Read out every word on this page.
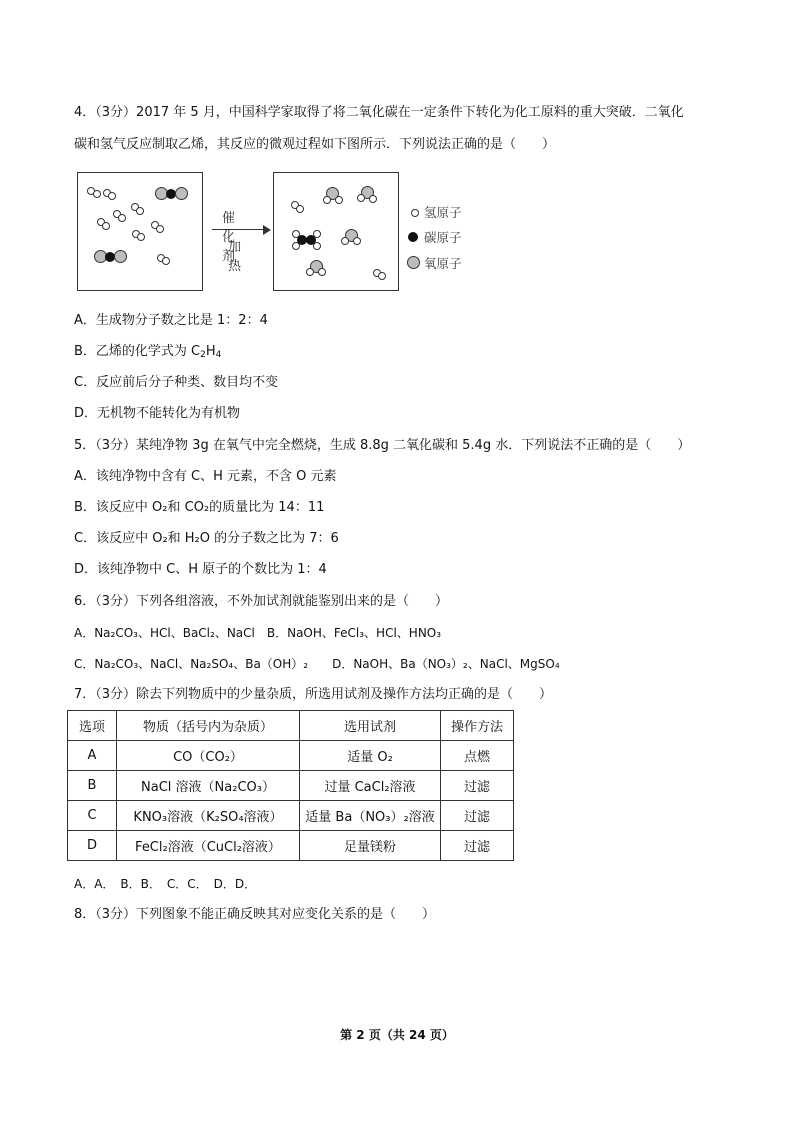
4．（3分）2017 年 5 月，中国科学家取得了将二氧化碳在一定条件下转化为化工原料的重大突破．二氧化
碳和氢气反应制取乙烯，其反应的微观过程如下图所示．下列说法正确的是（　　）
催化剂
加热
氢原子
碳原子
氧原子
A．生成物分子数之比是 1：2：4
B．乙烯的化学式为 $C_2H_4$
C．反应前后分子种类、数目均不变
D．无机物不能转化为有机物
5．（3分）某纯净物 3g 在氧气中完全燃烧，生成 8.8g 二氧化碳和 5.4g 水．下列说法不正确的是（　　）
A．该纯净物中含有 C、H 元素，不含 O 元素
B．该反应中 O₂和 CO₂的质量比为 14：11
C．该反应中 O₂和 H₂O 的分子数之比为 7：6
D．该纯净物中 C、H 原子的个数比为 1：4
6．（3分）下列各组溶液，不外加试剂就能鉴别出来的是（　　）
A．Na₂CO₃、HCl、BaCl₂、NaCl　B．NaOH、FeCl₃、HCl、HNO₃
C．Na₂CO₃、NaCl、Na₂SO₄、Ba（OH）₂　　D．NaOH、Ba（NO₃）₂、NaCl、MgSO₄
7．（3分）除去下列物质中的少量杂质，所选用试剂及操作方法均正确的是（　　）
选项	物质（括号内为杂质）	选用试剂	操作方法
A	CO（CO₂）	适量 O₂	点燃
B	NaCl 溶液（Na₂CO₃）	过量 CaCl₂溶液	过滤
C	KNO₃溶液（K₂SO₄溶液）	适量 Ba（NO₃）₂溶液	过滤
D	FeCl₂溶液（CuCl₂溶液）	足量镁粉	过滤
A．A．　B．B．　C．C．　D．D．
8．（3分）下列图象不能正确反映其对应变化关系的是（　　）
第 2 页（共 24 页）
